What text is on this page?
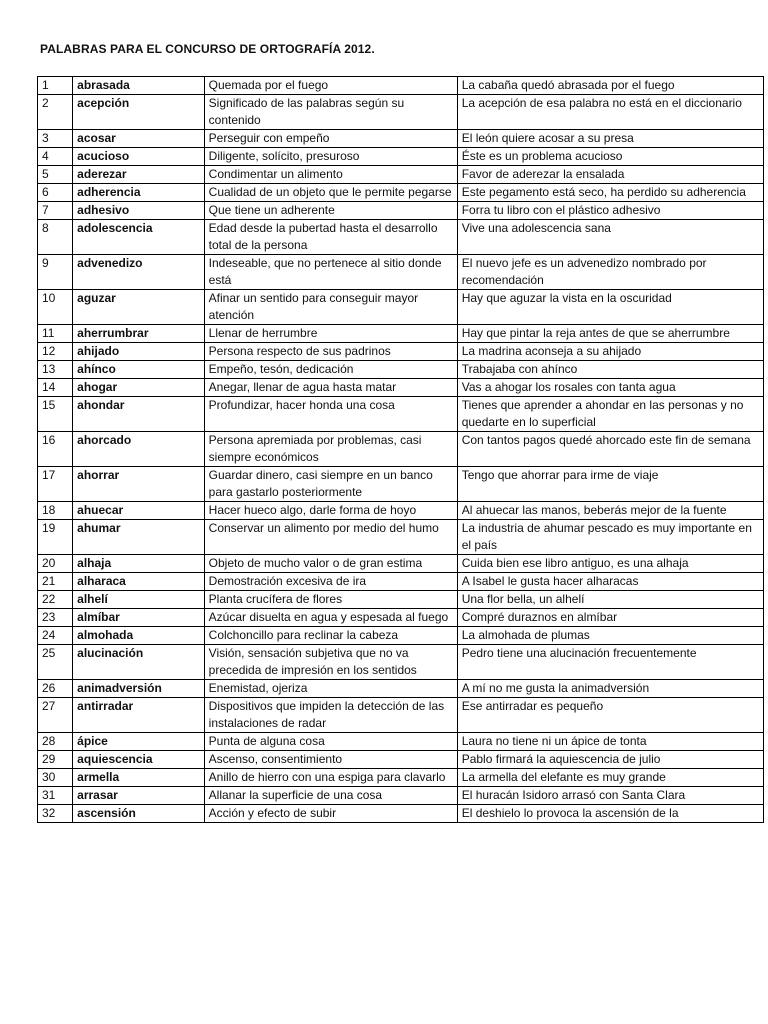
PALABRAS PARA EL CONCURSO DE ORTOGRAFÍA 2012.
1	abrasada	Quemada por el fuego	La cabaña quedó abrasada por el fuego
2	acepción	Significado de las palabras según su contenido	La acepción de esa palabra no está en el diccionario
3	acosar	Perseguir con empeño	El león quiere acosar a su presa
4	acucioso	Diligente, solícito, presuroso	Éste es un problema acucioso
5	aderezar	Condimentar un alimento	Favor de aderezar la ensalada
6	adherencia	Cualidad de un objeto que le permite pegarse	Este pegamento está seco, ha perdido su adherencia
7	adhesivo	Que tiene un adherente	Forra tu libro con el plástico adhesivo
8	adolescencia	Edad desde la pubertad hasta el desarrollo total de la persona	Vive una adolescencia sana
9	advenedizo	Indeseable, que no pertenece al sitio donde está	El nuevo jefe es un advenedizo nombrado por recomendación
10	aguzar	Afinar un sentido para conseguir mayor atención	Hay que aguzar la vista en la oscuridad
11	aherrumbrar	Llenar de herrumbre	Hay que pintar la reja antes de que se aherrumbre
12	ahijado	Persona respecto de sus padrinos	La madrina aconseja a su ahijado
13	ahínco	Empeño, tesón, dedicación	Trabajaba con ahínco
14	ahogar	Anegar, llenar de agua hasta matar	Vas a ahogar los rosales con tanta agua
15	ahondar	Profundizar, hacer honda una cosa	Tienes que aprender a ahondar en las personas y no quedarte en lo superficial
16	ahorcado	Persona apremiada por problemas, casi siempre económicos	Con tantos pagos quedé ahorcado este fin de semana
17	ahorrar	Guardar dinero, casi siempre en un banco para gastarlo posteriormente	Tengo que ahorrar para irme de viaje
18	ahuecar	Hacer hueco algo, darle forma de hoyo	Al ahuecar las manos, beberás mejor de la fuente
19	ahumar	Conservar un alimento por medio del humo	La industria de ahumar pescado es muy importante en el país
20	alhaja	Objeto de mucho valor o de gran estima	Cuida bien ese libro antiguo, es una alhaja
21	alharaca	Demostración excesiva de ira	A Isabel le gusta hacer alharacas
22	alhelí	Planta crucífera de flores	Una flor bella, un alhelí
23	almíbar	Azúcar disuelta en agua y espesada al fuego	Compré duraznos en almíbar
24	almohada	Colchoncillo para reclinar la cabeza	La almohada de plumas
25	alucinación	Visión, sensación subjetiva que no va precedida de impresión en los sentidos	Pedro tiene una alucinación frecuentemente
26	animadversión	Enemistad, ojeriza	A mí no me gusta la animadversión
27	antirradar	Dispositivos que impiden la detección de las instalaciones de radar	Ese antirradar es pequeño
28	ápice	Punta de alguna cosa	Laura no tiene ni un ápice de tonta
29	aquiescencia	Ascenso, consentimiento	Pablo firmará la aquiescencia de julio
30	armella	Anillo de hierro con una espiga para clavarlo	La armella del elefante es muy grande
31	arrasar	Allanar la superficie de una cosa	El huracán Isidoro arrasó con Santa Clara
32	ascensión	Acción y efecto de subir	El deshielo lo provoca la ascensión de la
